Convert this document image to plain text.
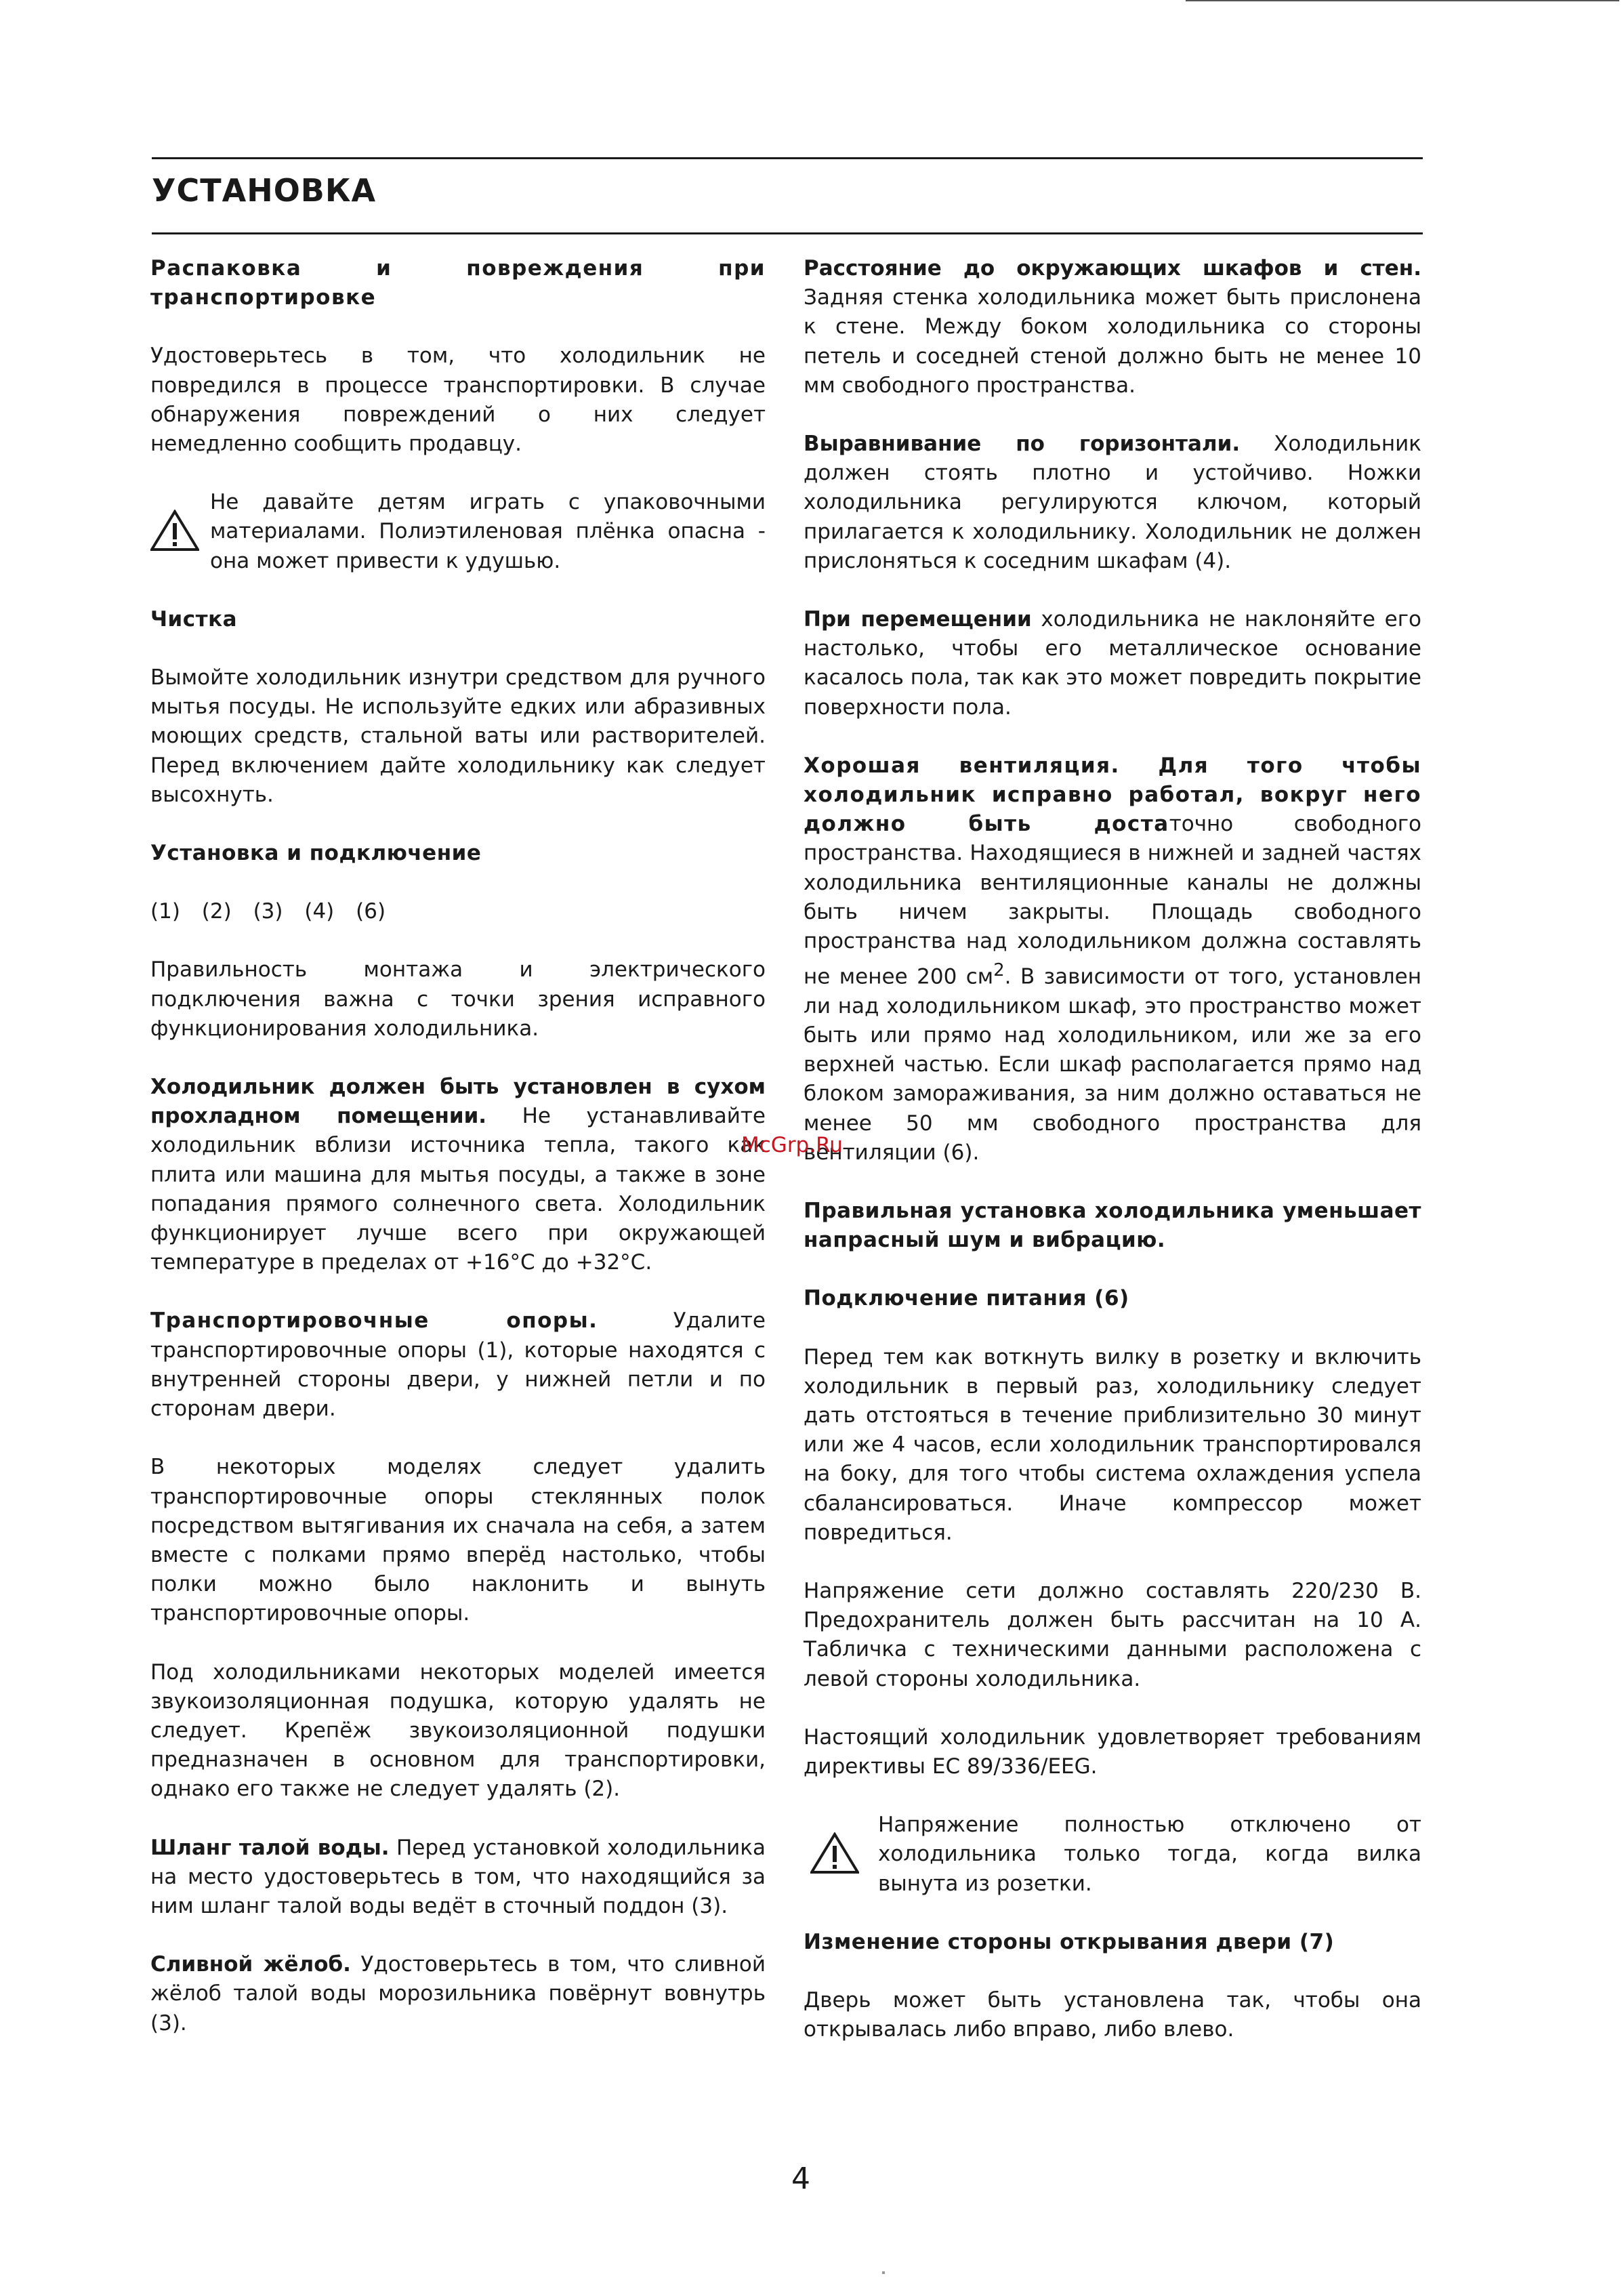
УСТАНОВКА

Распаковка и повреждения при транспортировке

Удостоверьтесь в том, что холодильник не повредился в процессе транспортировки. В случае обнаружения повреждений о них следует немедленно сообщить продавцу.

Не давайте детям играть с упаковочными материалами. Полиэтиленовая плёнка опасна - она может привести к удушью.

Чистка

Вымойте холодильник изнутри средством для ручного мытья посуды. Не используйте едких или абразивных моющих средств, стальной ваты или растворителей. Перед включением дайте холодильнику как следует высохнуть.

Установка и подключение

(1) (2) (3) (4) (6)

Правильность монтажа и электрического подключения важна с точки зрения исправного функционирования холодильника.

Холодильник должен быть установлен в сухом прохладном помещении. Не устанавливайте холодильник вблизи источника тепла, такого как плита или машина для мытья посуды, а также в зоне попадания прямого солнечного света. Холодильник функционирует лучше всего при окружающей температуре в пределах от +16°С до +32°С.

Транспортировочные опоры. Удалите транспортировочные опоры (1), которые находятся с внутренней стороны двери, у нижней петли и по сторонам двери.

В некоторых моделях следует удалить транспортировочные опоры стеклянных полок посредством вытягивания их сначала на себя, а затем вместе с полками прямо вперёд настолько, чтобы полки можно было наклонить и вынуть транспортировочные опоры.

Под холодильниками некоторых моделей имеется звукоизоляционная подушка, которую удалять не следует. Крепёж звукоизоляционной подушки предназначен в основном для транспортировки, однако его также не следует удалять (2).

Шланг талой воды. Перед установкой холодильника на место удостоверьтесь в том, что находящийся за ним шланг талой воды ведёт в сточный поддон (3).

Сливной жёлоб. Удостоверьтесь в том, что сливной жёлоб талой воды морозильника повёрнут вовнутрь (3).

Расстояние до окружающих шкафов и стен. Задняя стенка холодильника может быть прислонена к стене. Между боком холодильника со стороны петель и соседней стеной должно быть не менее 10 мм свободного пространства.

Выравнивание по горизонтали. Холодильник должен стоять плотно и устойчиво. Ножки холодильника регулируются ключом, который прилагается к холодильнику. Холодильник не должен прислоняться к соседним шкафам (4).

При перемещении холодильника не наклоняйте его настолько, чтобы его металлическое основание касалось пола, так как это может повредить покрытие поверхности пола.

Хорошая вентиляция. Для того чтобы холодильник исправно работал, вокруг него должно быть достаточно свободного пространства. Находящиеся в нижней и задней частях холодильника вентиляционные каналы не должны быть ничем закрыты. Площадь свободного пространства над холодильником должна составлять не менее 200 $см^2$. В зависимости от того, установлен ли над холодильником шкаф, это пространство может быть или прямо над холодильником, или же за его верхней частью. Если шкаф располагается прямо над блоком замораживания, за ним должно оставаться не менее 50 мм свободного пространства для вентиляции (6).

Правильная установка холодильника уменьшает напрасный шум и вибрацию.

Подключение питания (6)

Перед тем как воткнуть вилку в розетку и включить холодильник в первый раз, холодильнику следует дать отстояться в течение приблизительно 30 минут или же 4 часов, если холодильник транспортировался на боку, для того чтобы система охлаждения успела сбалансироваться. Иначе компрессор может повредиться.

Напряжение сети должно составлять 220/230 В. Предохранитель должен быть рассчитан на 10 А. Табличка с техническими данными расположена с левой стороны холодильника.

Настоящий холодильник удовлетворяет требованиям директивы ЕС 89/336/EEG.

Напряжение полностью отключено от холодильника только тогда, когда вилка вынута из розетки.

Изменение стороны открывания двери (7)

Дверь может быть установлена так, чтобы она открывалась либо вправо, либо влево.

McGrp.Ru

4
